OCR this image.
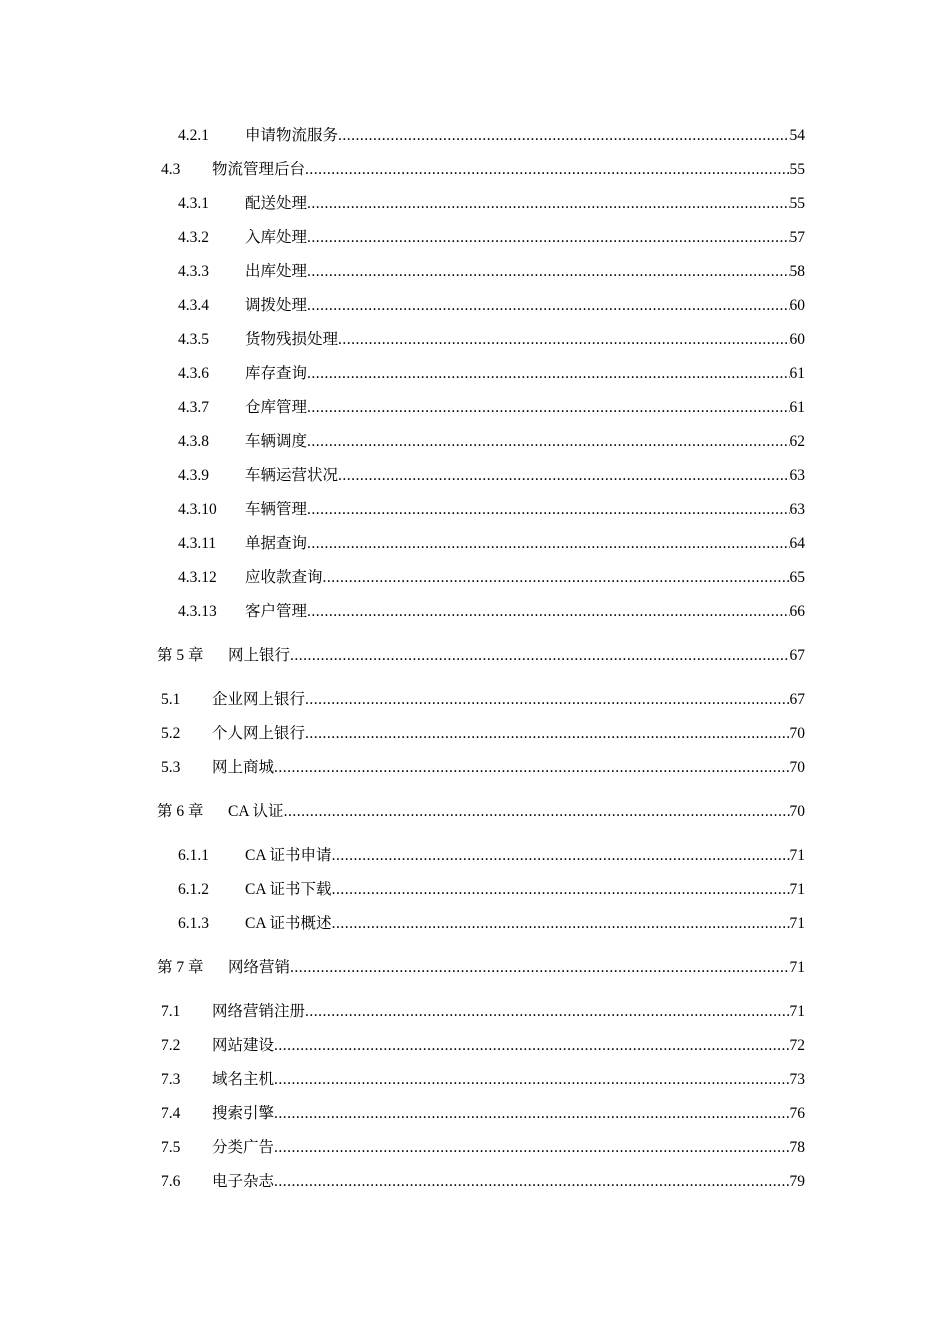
4.2.1 申请物流服务 .....	54
4.3 物流管理后台 .....	55
4.3.1 配送处理 .....	55
4.3.2 入库处理 .....	57
4.3.3 出库处理 .....	58
4.3.4 调拨处理 .....	60
4.3.5 货物残损处理 .....	60
4.3.6 库存查询 .....	61
4.3.7 仓库管理 .....	61
4.3.8 车辆调度 .....	62
4.3.9 车辆运营状况 .....	63
4.3.10 车辆管理 .....	63
4.3.11 单据查询 .....	64
4.3.12 应收款查询 .....	65
4.3.13 客户管理 .....	66
第 5 章 网上银行 .....	67
5.1 企业网上银行 .....	67
5.2 个人网上银行 .....	70
5.3 网上商城 .....	70
第 6 章 CA 认证 .....	70
6.1.1 CA 证书申请 .....	71
6.1.2 CA 证书下载 .....	71
6.1.3 CA 证书概述 .....	71
第 7 章 网络营销 .....	71
7.1 网络营销注册 .....	71
7.2 网站建设 .....	72
7.3 域名主机 .....	73
7.4 搜索引擎 .....	76
7.5 分类广告 .....	78
7.6 电子杂志 .....	79
